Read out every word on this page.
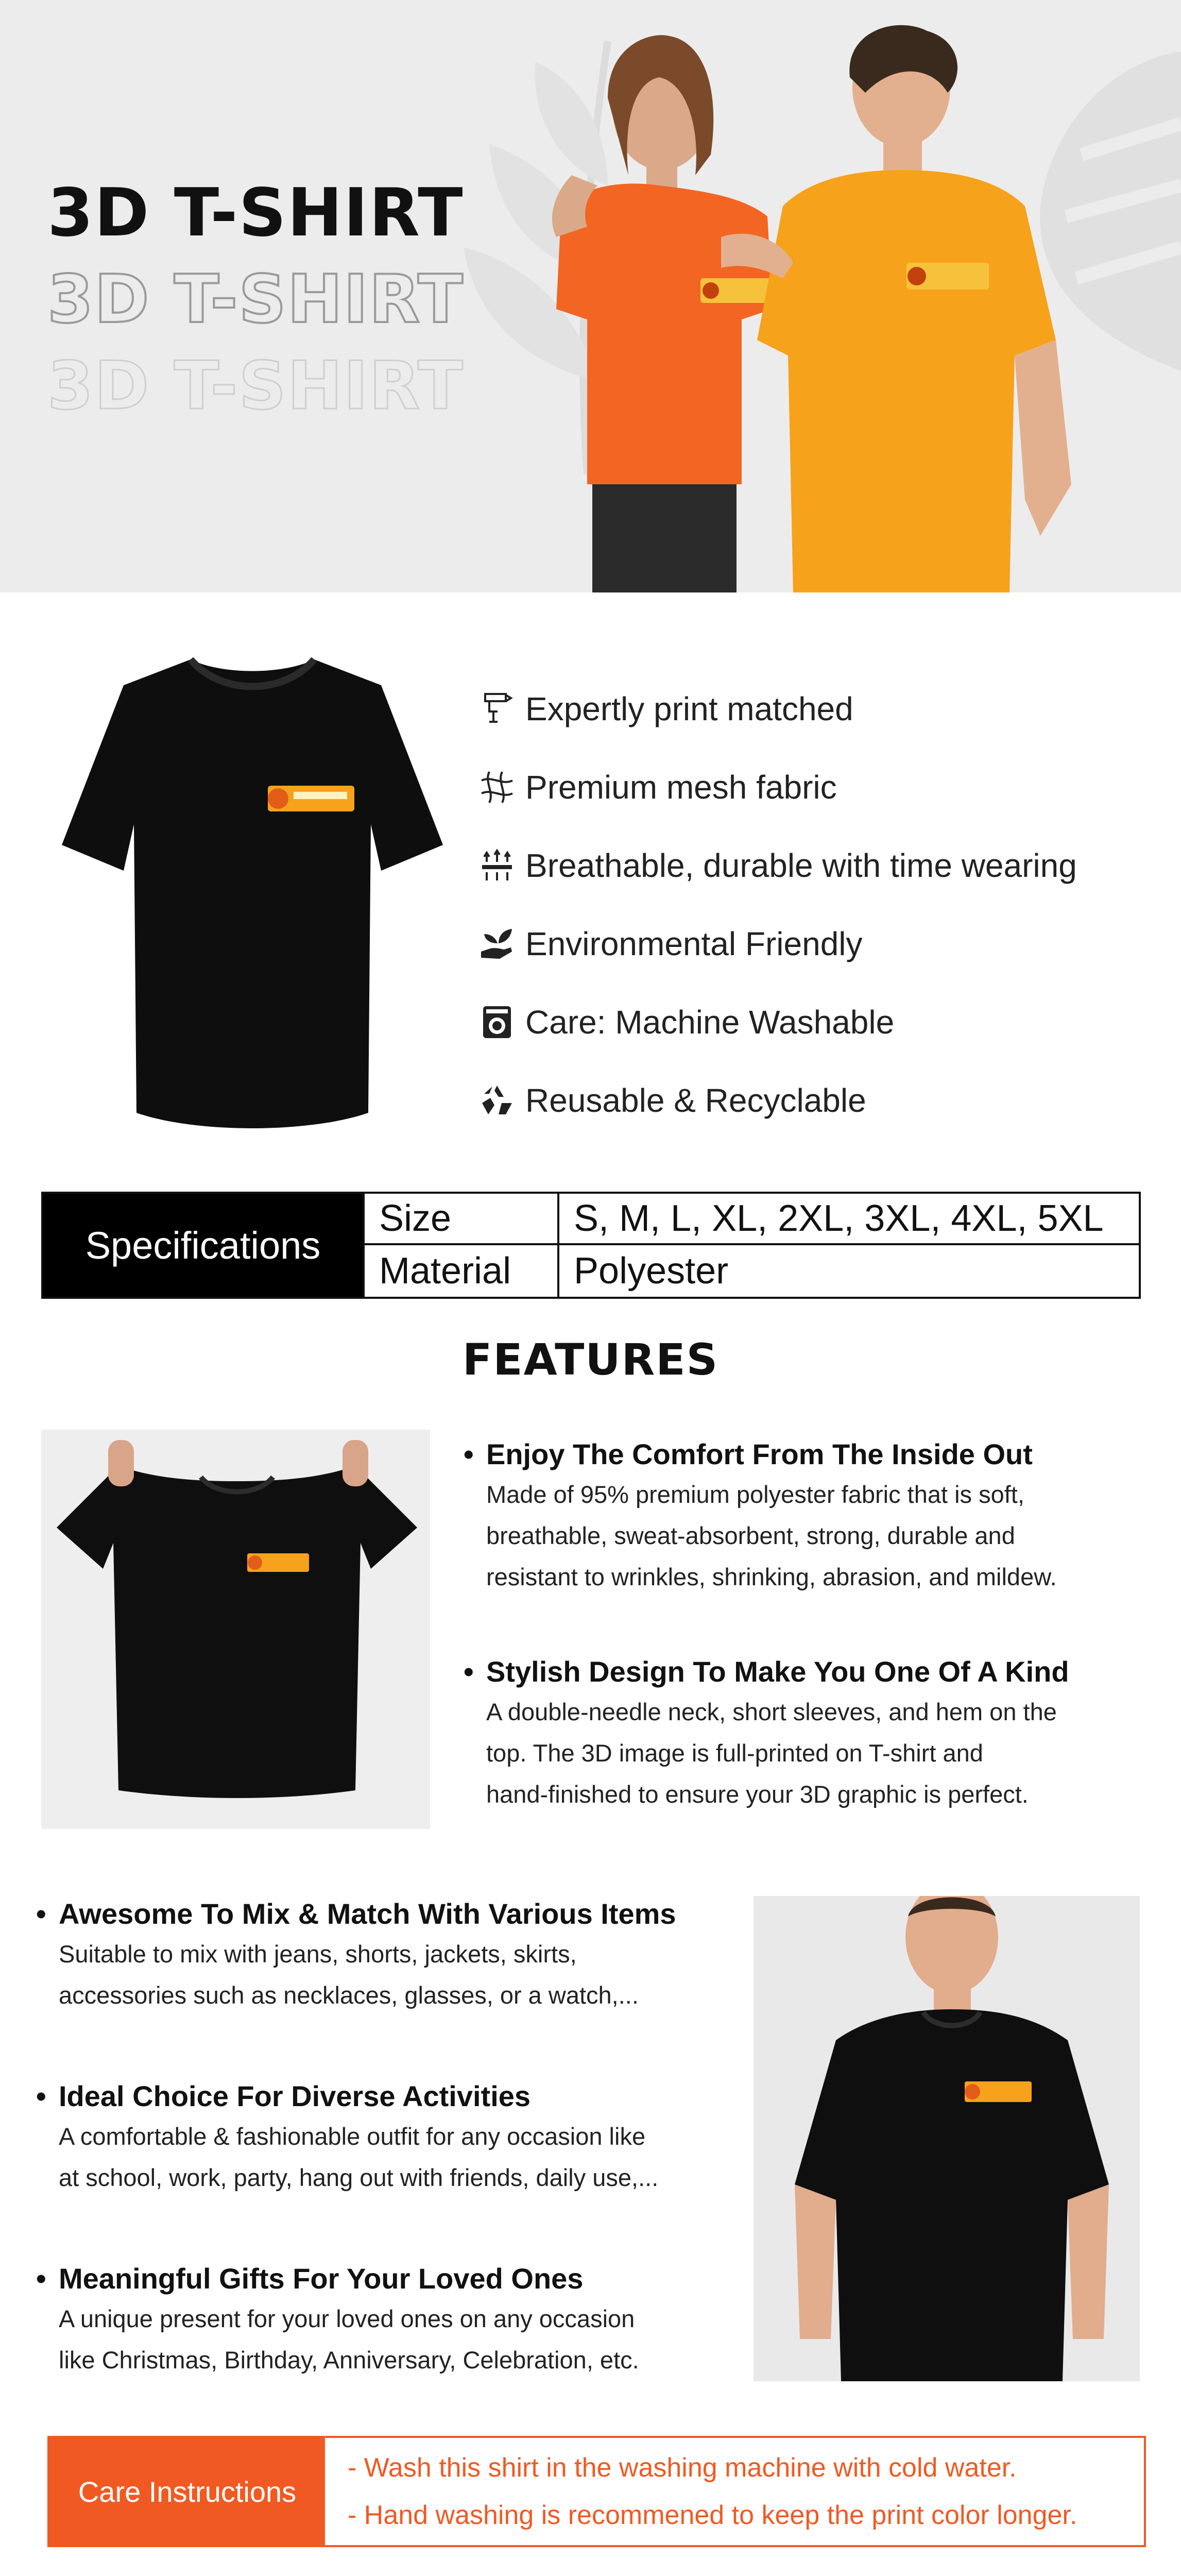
3D T-SHIRT
3D T-SHIRT
3D T-SHIRT
Expertly print matched
Premium mesh fabric
Breathable, durable with time wearing
Environmental Friendly
Care: Machine Washable
Reusable & Recyclable
Specifications
Size	S, M, L, XL, 2XL, 3XL, 4XL, 5XL
Material	Polyester
FEATURES
• Enjoy The Comfort From The Inside Out
Made of 95% premium polyester fabric that is soft,
breathable, sweat-absorbent, strong, durable and
resistant to wrinkles, shrinking, abrasion, and mildew.
• Stylish Design To Make You One Of A Kind
A double-needle neck, short sleeves, and hem on the
top. The 3D image is full-printed on T-shirt and
hand-finished to ensure your 3D graphic is perfect.
• Awesome To Mix & Match With Various Items
Suitable to mix with jeans, shorts, jackets, skirts,
accessories such as necklaces, glasses, or a watch,...
• Ideal Choice For Diverse Activities
A comfortable & fashionable outfit for any occasion like
at school, work, party, hang out with friends, daily use,...
• Meaningful Gifts For Your Loved Ones
A unique present for your loved ones on any occasion
like Christmas, Birthday, Anniversary, Celebration, etc.
Care Instructions
- Wash this shirt in the washing machine with cold water.
- Hand washing is recommened to keep the print color longer.
